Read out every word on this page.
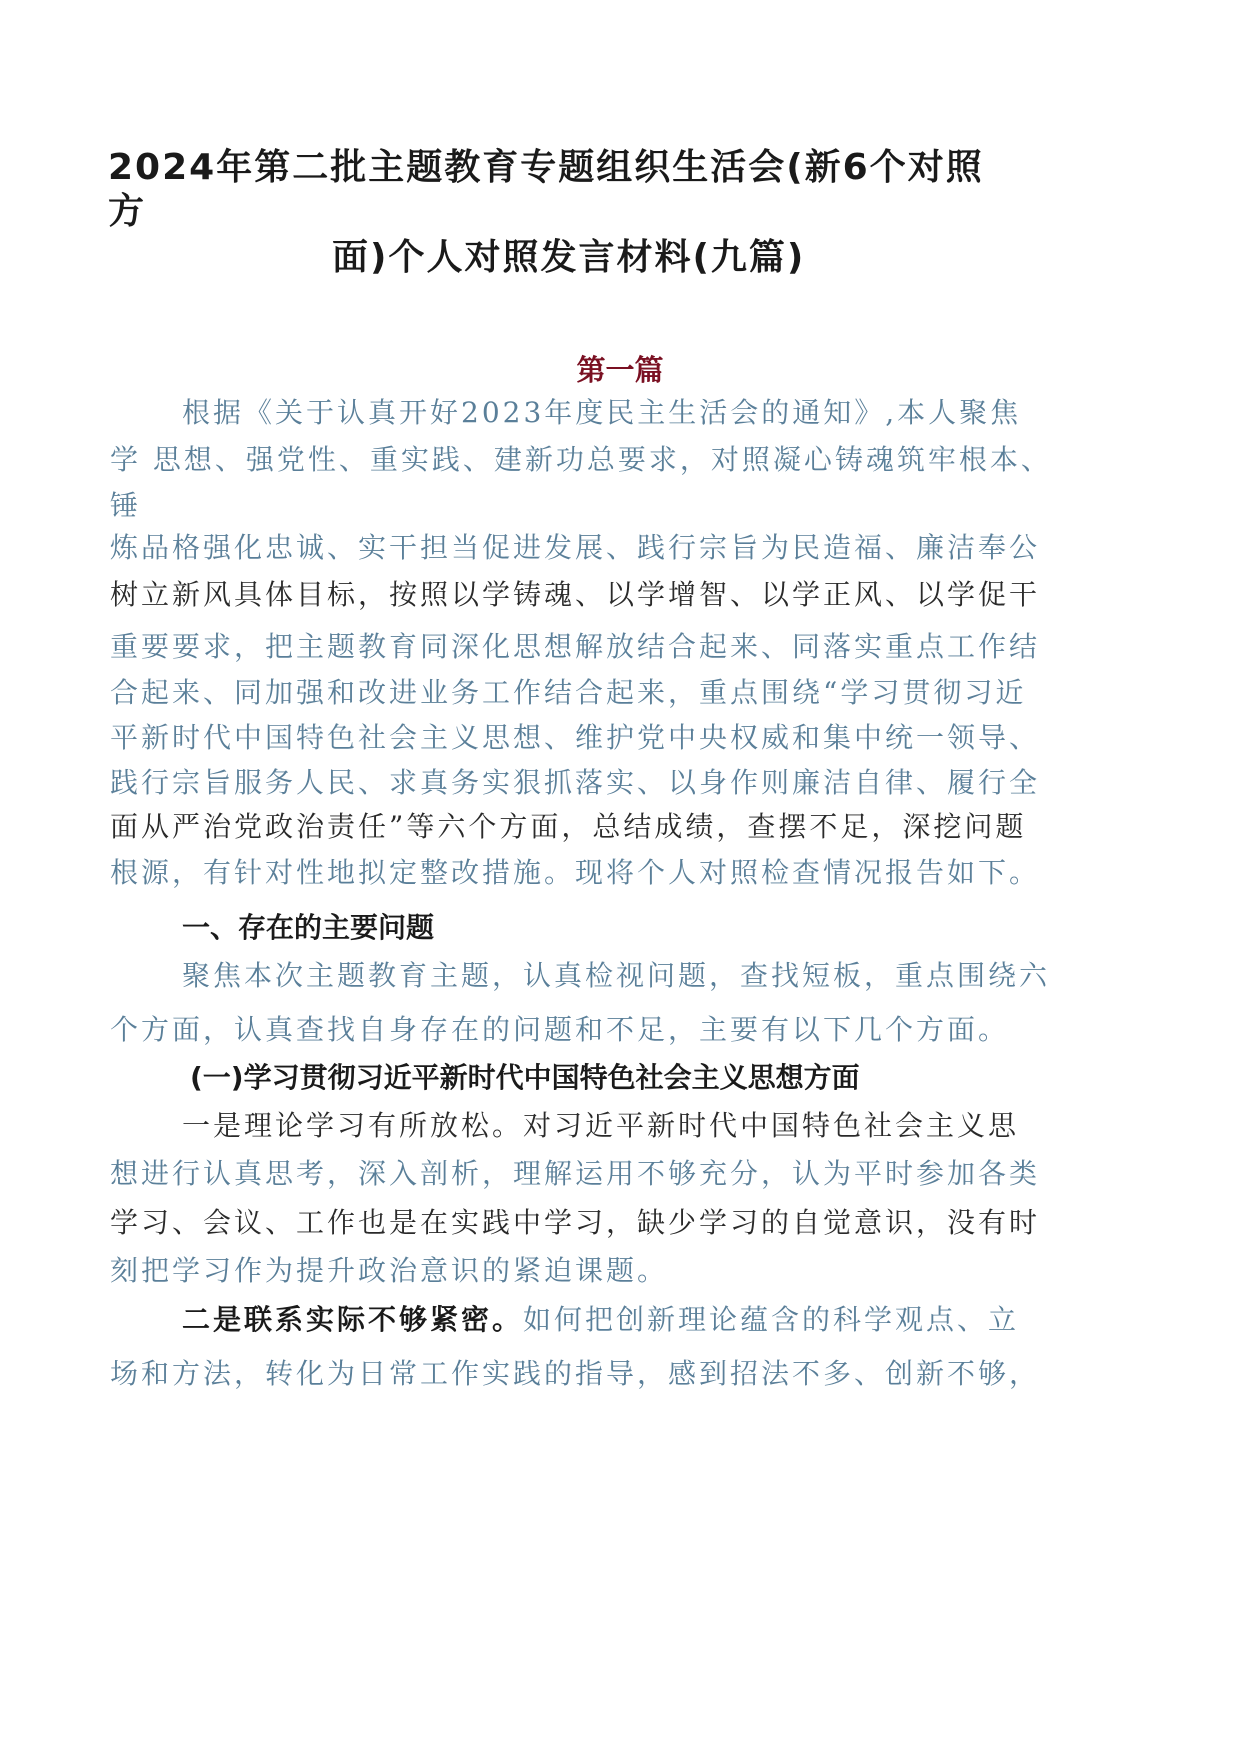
2024年第二批主题教育专题组织生活会(新6个对照
方
面)个人对照发言材料(九篇)
第一篇
根据《关于认真开好2023年度民主生活会的通知》,本人聚焦
学 思想、强党性、重实践、建新功总要求，对照凝心铸魂筑牢根本、
锤
炼品格强化忠诚、实干担当促进发展、践行宗旨为民造福、廉洁奉公
树立新风具体目标，按照以学铸魂、以学增智、以学正风、以学促干
重要要求，把主题教育同深化思想解放结合起来、同落实重点工作结
合起来、同加强和改进业务工作结合起来，重点围绕“学习贯彻习近
平新时代中国特色社会主义思想、维护党中央权威和集中统一领导、
践行宗旨服务人民、求真务实狠抓落实、以身作则廉洁自律、履行全
面从严治党政治责任”等六个方面，总结成绩，查摆不足，深挖问题
根源，有针对性地拟定整改措施。现将个人对照检查情况报告如下。
一、存在的主要问题
聚焦本次主题教育主题，认真检视问题，查找短板，重点围绕六
个方面，认真查找自身存在的问题和不足，主要有以下几个方面。
(一)学习贯彻习近平新时代中国特色社会主义思想方面
一是理论学习有所放松。对习近平新时代中国特色社会主义思
想进行认真思考，深入剖析，理解运用不够充分，认为平时参加各类
学习、会议、工作也是在实践中学习，缺少学习的自觉意识，没有时
刻把学习作为提升政治意识的紧迫课题。
二是联系实际不够紧密。如何把创新理论蕴含的科学观点、立
场和方法，转化为日常工作实践的指导，感到招法不多、创新不够，
